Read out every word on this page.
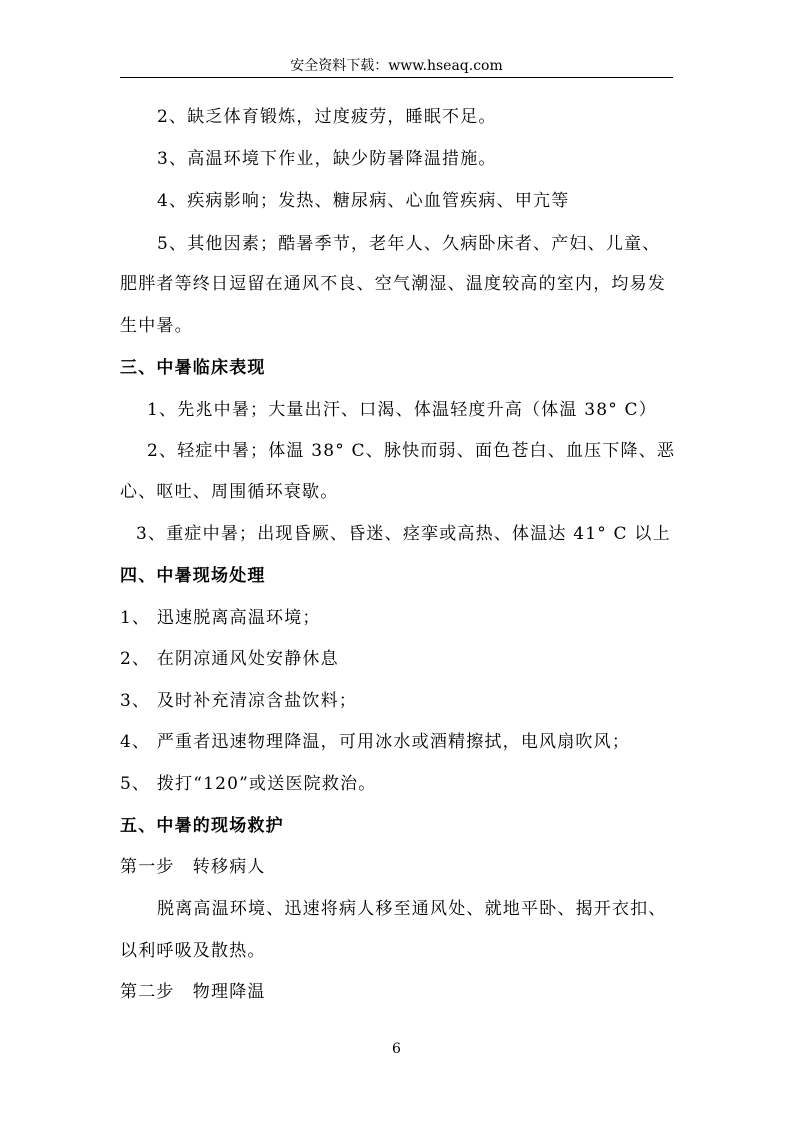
安全资料下载：www.hseaq.com
2、缺乏体育锻炼，过度疲劳，睡眠不足。
3、高温环境下作业，缺少防暑降温措施。
4、疾病影响；发热、糖尿病、心血管疾病、甲亢等
5、其他因素；酷暑季节，老年人、久病卧床者、产妇、儿童、
肥胖者等终日逗留在通风不良、空气潮湿、温度较高的室内，均易发
生中暑。
三、中暑临床表现
1、先兆中暑；大量出汗、口渴、体温轻度升高（体温 38° C）
2、轻症中暑；体温 38° C、脉快而弱、面色苍白、血压下降、恶
心、呕吐、周围循环衰歇。
3、重症中暑；出现昏厥、昏迷、痉挛或高热、体温达 41° C 以上
四、中暑现场处理
1、 迅速脱离高温环境；
2、 在阴凉通风处安静休息
3、 及时补充清凉含盐饮料；
4、 严重者迅速物理降温，可用冰水或酒精擦拭，电风扇吹风；
5、 拨打“120”或送医院救治。
五、中暑的现场救护
第一步　转移病人
脱离高温环境、迅速将病人移至通风处、就地平卧、揭开衣扣、
以利呼吸及散热。
第二步　物理降温
6
